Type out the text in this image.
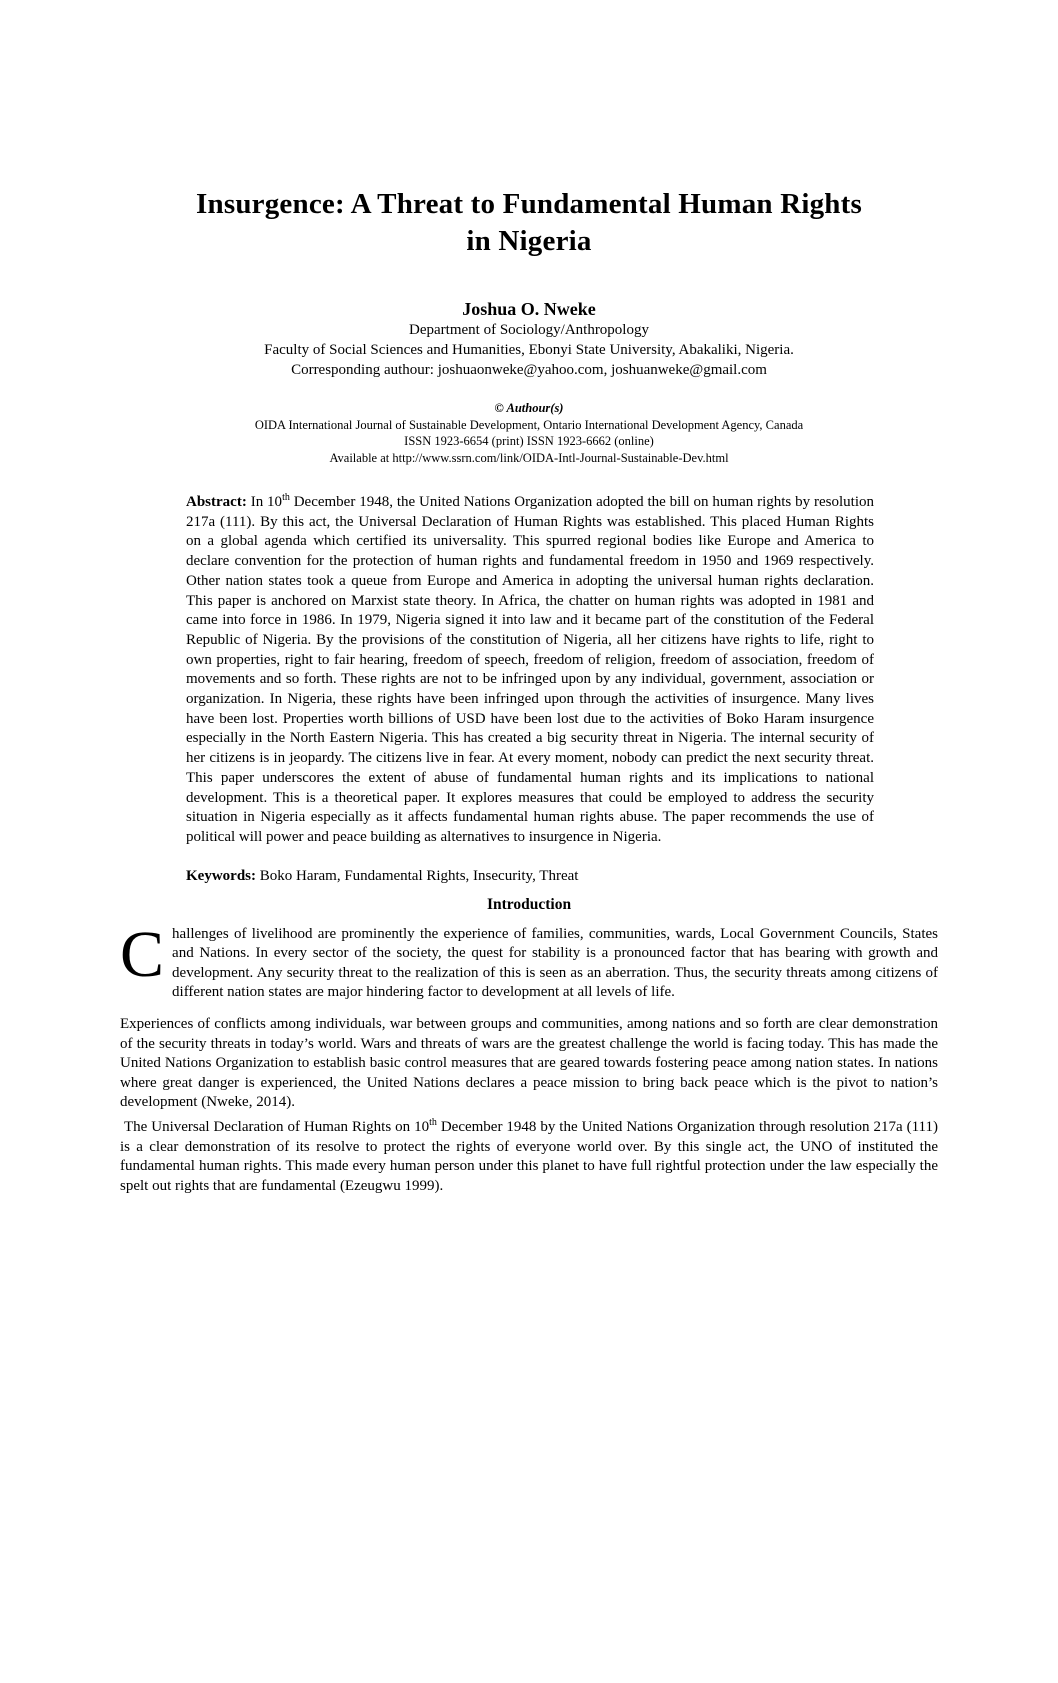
Insurgence: A Threat to Fundamental Human Rights
in Nigeria
Joshua O. Nweke
Department of Sociology/Anthropology
Faculty of Social Sciences and Humanities, Ebonyi State University, Abakaliki, Nigeria.
Corresponding authour: joshuaonweke@yahoo.com, joshuanweke@gmail.com
© Authour(s)
OIDA International Journal of Sustainable Development, Ontario International Development Agency, Canada
ISSN 1923-6654 (print) ISSN 1923-6662 (online)
Available at http://www.ssrn.com/link/OIDA-Intl-Journal-Sustainable-Dev.html

Abstract: In 10th December 1948, the United Nations Organization adopted the bill on human rights by resolution 217a (111). By this act, the Universal Declaration of Human Rights was established. This placed Human Rights on a global agenda which certified its universality. This spurred regional bodies like Europe and America to declare convention for the protection of human rights and fundamental freedom in 1950 and 1969 respectively. Other nation states took a queue from Europe and America in adopting the universal human rights declaration. This paper is anchored on Marxist state theory. In Africa, the chatter on human rights was adopted in 1981 and came into force in 1986. In 1979, Nigeria signed it into law and it became part of the constitution of the Federal Republic of Nigeria. By the provisions of the constitution of Nigeria, all her citizens have rights to life, right to own properties, right to fair hearing, freedom of speech, freedom of religion, freedom of association, freedom of movements and so forth. These rights are not to be infringed upon by any individual, government, association or organization. In Nigeria, these rights have been infringed upon through the activities of insurgence. Many lives have been lost. Properties worth billions of USD have been lost due to the activities of Boko Haram insurgence especially in the North Eastern Nigeria. This has created a big security threat in Nigeria. The internal security of her citizens is in jeopardy. The citizens live in fear. At every moment, nobody can predict the next security threat. This paper underscores the extent of abuse of fundamental human rights and its implications to national development. This is a theoretical paper. It explores measures that could be employed to address the security situation in Nigeria especially as it affects fundamental human rights abuse. The paper recommends the use of political will power and peace building as alternatives to insurgence in Nigeria.

Keywords: Boko Haram, Fundamental Rights, Insecurity, Threat

Introduction

Challenges of livelihood are prominently the experience of families, communities, wards, Local Government Councils, States and Nations. In every sector of the society, the quest for stability is a pronounced factor that has bearing with growth and development. Any security threat to the realization of this is seen as an aberration. Thus, the security threats among citizens of different nation states are major hindering factor to development at all levels of life.

Experiences of conflicts among individuals, war between groups and communities, among nations and so forth are clear demonstration of the security threats in today’s world. Wars and threats of wars are the greatest challenge the world is facing today. This has made the United Nations Organization to establish basic control measures that are geared towards fostering peace among nation states. In nations where great danger is experienced, the United Nations declares a peace mission to bring back peace which is the pivot to nation’s development (Nweke, 2014).

The Universal Declaration of Human Rights on 10th December 1948 by the United Nations Organization through resolution 217a (111) is a clear demonstration of its resolve to protect the rights of everyone world over. By this single act, the UNO of instituted the fundamental human rights. This made every human person under this planet to have full rightful protection under the law especially the spelt out rights that are fundamental (Ezeugwu 1999).
